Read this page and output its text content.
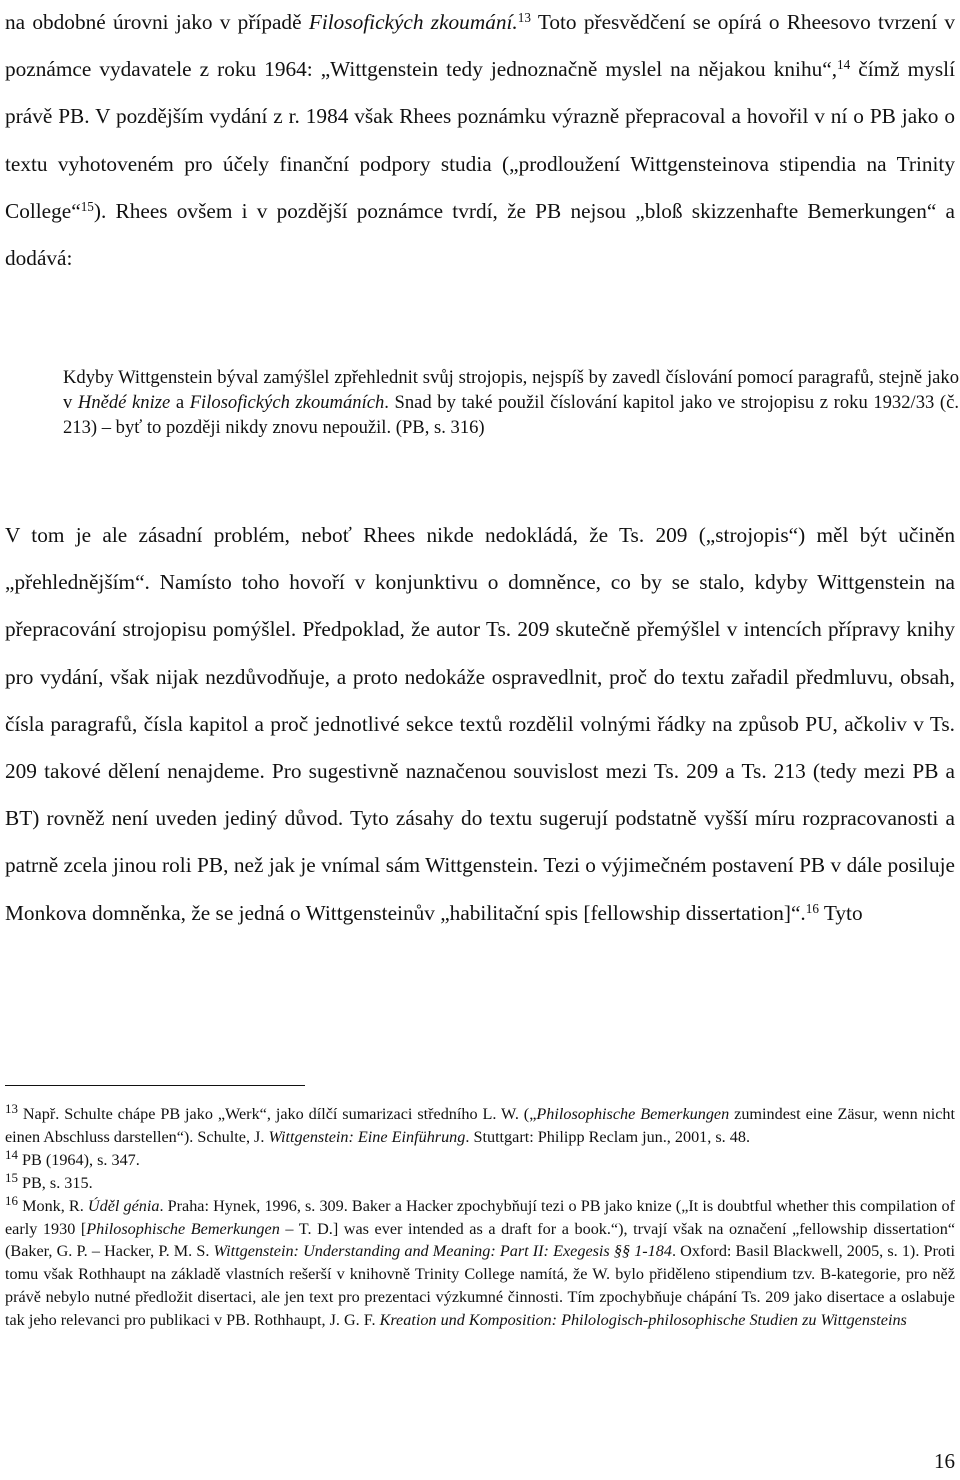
na obdobné úrovni jako v případě Filosofických zkoumání.$^{13}$ Toto přesvědčení se opírá o Rheesovo tvrzení v poznámce vydavatele z roku 1964: „Wittgenstein tedy jednoznačně myslel na nějakou knihu“,$^{14}$ čímž myslí právě PB. V pozdějším vydání z r. 1984 však Rhees poznámku výrazně přepracoval a hovořil v ní o PB jako o textu vyhotoveném pro účely finanční podpory studia („prodloužení Wittgensteinova stipendia na Trinity College“$^{15}$). Rhees ovšem i v pozdější poznámce tvrdí, že PB nejsou „bloß skizzenhafte Bemerkungen“ a dodává:

Kdyby Wittgenstein býval zamýšlel zpřehlednit svůj strojopis, nejspíš by zavedl číslování pomocí paragrafů, stejně jako v Hnědé knize a Filosofických zkoumáních. Snad by také použil číslování kapitol jako ve strojopisu z roku 1932/33 (č. 213) – byť to později nikdy znovu nepoužil. (PB, s. 316)

V tom je ale zásadní problém, neboť Rhees nikde nedokládá, že Ts. 209 („strojopis“) měl být učiněn „přehlednějším“. Namísto toho hovoří v konjunktivu o domněnce, co by se stalo, kdyby Wittgenstein na přepracování strojopisu pomýšlel. Předpoklad, že autor Ts. 209 skutečně přemýšlel v intencích přípravy knihy pro vydání, však nijak nezdůvodňuje, a proto nedokáže ospravedlnit, proč do textu zařadil předmluvu, obsah, čísla paragrafů, čísla kapitol a proč jednotlivé sekce textů rozdělil volnými řádky na způsob PU, ačkoliv v Ts. 209 takové dělení nenajdeme. Pro sugestivně naznačenou souvislost mezi Ts. 209 a Ts. 213 (tedy mezi PB a BT) rovněž není uveden jediný důvod. Tyto zásahy do textu sugerují podstatně vyšší míru rozpracovanosti a patrně zcela jinou roli PB, než jak je vnímal sám Wittgenstein. Tezi o výjimečném postavení PB v dále posiluje Monkova domněnka, že se jedná o Wittgensteinův „habilitační spis [fellowship dissertation]“.$^{16}$ Tyto

$^{13}$ Např. Schulte chápe PB jako „Werk“, jako dílčí sumarizaci středního L. W. („Philosophische Bemerkungen zumindest eine Zäsur, wenn nicht einen Abschluss darstellen“). Schulte, J. Wittgenstein: Eine Einführung. Stuttgart: Philipp Reclam jun., 2001, s. 48.

$^{14}$ PB (1964), s. 347.

$^{15}$ PB, s. 315.

$^{16}$ Monk, R. Úděl génia. Praha: Hynek, 1996, s. 309. Baker a Hacker zpochybňují tezi o PB jako knize („It is doubtful whether this compilation of early 1930 [Philosophische Bemerkungen – T. D.] was ever intended as a draft for a book.“), trvají však na označení „fellowship dissertation“ (Baker, G. P. – Hacker, P. M. S. Wittgenstein: Understanding and Meaning: Part II: Exegesis §§ 1-184. Oxford: Basil Blackwell, 2005, s. 1). Proti tomu však Rothhaupt na základě vlastních rešerší v knihovně Trinity College namítá, že W. bylo přiděleno stipendium tzv. B-kategorie, pro něž právě nebylo nutné předložit disertaci, ale jen text pro prezentaci výzkumné činnosti. Tím zpochybňuje chápání Ts. 209 jako disertace a oslabuje tak jeho relevanci pro publikaci v PB. Rothhaupt, J. G. F. Kreation und Komposition: Philologisch-philosophische Studien zu Wittgensteins

16
